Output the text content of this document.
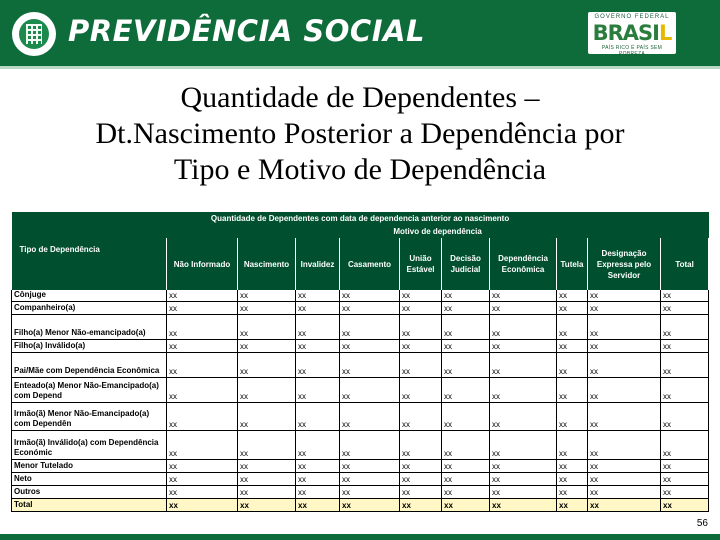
PREVIDÊNCIA SOCIAL	GOVERNO FEDERAL
BRASIL
PAÍS RICO É PAÍS SEM POBREZA
Quantidade de Dependentes –
Dt.Nascimento Posterior a Dependência por
Tipo e Motivo de Dependência
Quantidade de Dependentes com data de dependencia anterior ao nascimento										
	Motivo de dependência									
Tipo de Dependência	Não Informado	Nascimento	Invalidez	Casamento	União Estável	Decisão Judicial	Dependência Econômica	Tutela	Designação Expressa pelo Servidor	Total
Cônjuge	xx	xx	xx	xx	xx	xx	xx	xx	xx	xx
Companheiro(a)	xx	xx	xx	xx	xx	xx	xx	xx	xx	xx
Filho(a) Menor Não-emancipado(a)	xx	xx	xx	xx	xx	xx	xx	xx	xx	xx
Filho(a) Inválido(a)	xx	xx	xx	xx	xx	xx	xx	xx	xx	xx
Pai/Mãe com Dependência Econômica	xx	xx	xx	xx	xx	xx	xx	xx	xx	xx
Enteado(a) Menor Não-Emancipado(a) com Depend	xx	xx	xx	xx	xx	xx	xx	xx	xx	xx
Irmão(ã) Menor Não-Emancipado(a) com Dependên	xx	xx	xx	xx	xx	xx	xx	xx	xx	xx
Irmão(ã) Inválido(a) com Dependência Económic	xx	xx	xx	xx	xx	xx	xx	xx	xx	xx
Menor Tutelado	xx	xx	xx	xx	xx	xx	xx	xx	xx	xx
Neto	xx	xx	xx	xx	xx	xx	xx	xx	xx	xx
Outros	xx	xx	xx	xx	xx	xx	xx	xx	xx	xx
Total	xx	xx	xx	xx	xx	xx	xx	xx	xx	xx
56
